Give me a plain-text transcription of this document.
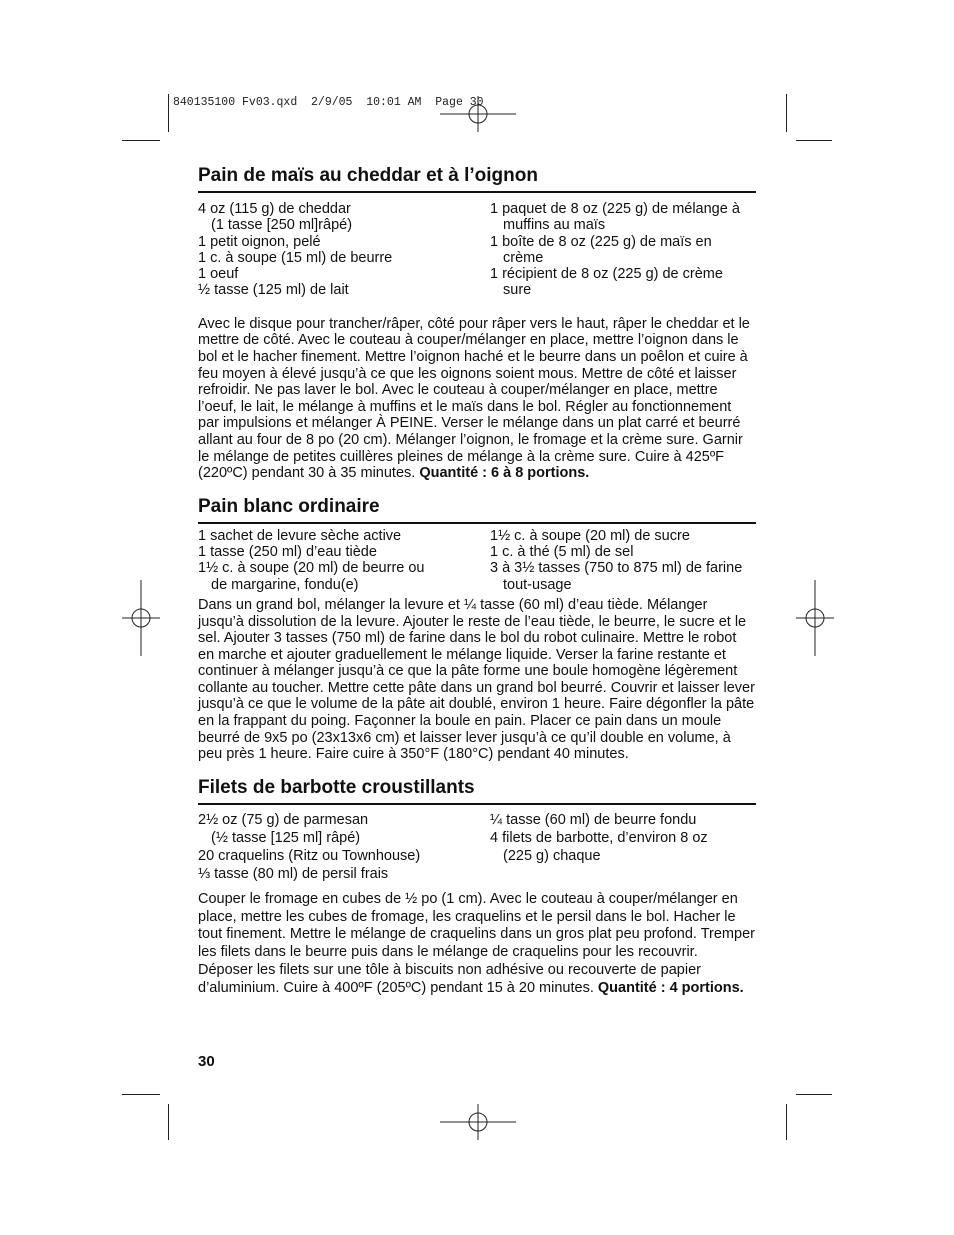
840135100 Fv03.qxd  2/9/05  10:01 AM  Page 30
Pain de maïs au cheddar et à l’oignon

4 oz (115 g) de cheddar
(1 tasse [250 ml]râpé)

1 petit oignon, pelé

1 c. à soupe (15 ml) de beurre

1 oeuf

½ tasse (125 ml) de lait

1 paquet de 8 oz (225 g) de mélange à
muffins au maïs

1 boîte de 8 oz (225 g) de maïs en
crème

1 récipient de 8 oz (225 g) de crème
sure

Avec le disque pour trancher/râper, côté pour râper vers le haut, râper le cheddar et le mettre de côté. Avec le couteau à couper/mélanger en place, mettre l’oignon dans le bol et le hacher finement. Mettre l’oignon haché et le beurre dans un poêlon et cuire à feu moyen à élevé jusqu’à ce que les oignons soient mous. Mettre de côté et laisser refroidir. Ne pas laver le bol. Avec le couteau à couper/mélanger en place, mettre l’oeuf, le lait, le mélange à muffins et le maïs dans le bol. Régler au fonctionnement par impulsions et mélanger À PEINE. Verser le mélange dans un plat carré et beurré allant au four de 8 po (20 cm). Mélanger l’oignon, le fromage et la crème sure. Garnir le mélange de petites cuillères pleines de mélange à la crème sure. Cuire à 425ºF (220ºC) pendant 30 à 35 minutes. Quantité : 6 à 8 portions.

Pain blanc ordinaire

1 sachet de levure sèche active

1 tasse (250 ml) d’eau tiède

1½ c. à soupe (20 ml) de beurre ou
de margarine, fondu(e)

1½ c. à soupe (20 ml) de sucre

1 c. à thé (5 ml) de sel

3 à 3½ tasses (750 to 875 ml) de farine
tout-usage

Dans un grand bol, mélanger la levure et ¼ tasse (60 ml) d’eau tiède. Mélanger jusqu’à dissolution de la levure. Ajouter le reste de l’eau tiède, le beurre, le sucre et le sel. Ajouter 3 tasses (750 ml) de farine dans le bol du robot culinaire. Mettre le robot en marche et ajouter graduellement le mélange liquide. Verser la farine restante et continuer à mélanger jusqu’à ce que la pâte forme une boule homogène légèrement collante au toucher. Mettre cette pâte dans un grand bol beurré. Couvrir et laisser lever jusqu’à ce que le volume de la pâte ait doublé, environ 1 heure. Faire dégonfler la pâte en la frappant du poing. Façonner la boule en pain. Placer ce pain dans un moule beurré de 9x5 po (23x13x6 cm) et laisser lever jusqu’à ce qu’il double en volume, à peu près 1 heure. Faire cuire à 350°F (180°C) pendant 40 minutes.

Filets de barbotte croustillants

2½ oz (75 g) de parmesan
(½ tasse [125 ml] râpé)

20 craquelins (Ritz ou Townhouse)

⅓ tasse (80 ml) de persil frais

¼ tasse (60 ml) de beurre fondu

4 filets de barbotte, d’environ 8 oz
(225 g) chaque

Couper le fromage en cubes de ½ po (1 cm). Avec le couteau à couper/mélanger en place, mettre les cubes de fromage, les craquelins et le persil dans le bol. Hacher le tout finement. Mettre le mélange de craquelins dans un gros plat peu profond. Tremper les filets dans le beurre puis dans le mélange de craquelins pour les recouvrir. Déposer les filets sur une tôle à biscuits non adhésive ou recouverte de papier d’aluminium. Cuire à 400ºF (205ºC) pendant 15 à 20 minutes. Quantité : 4 portions.

30
